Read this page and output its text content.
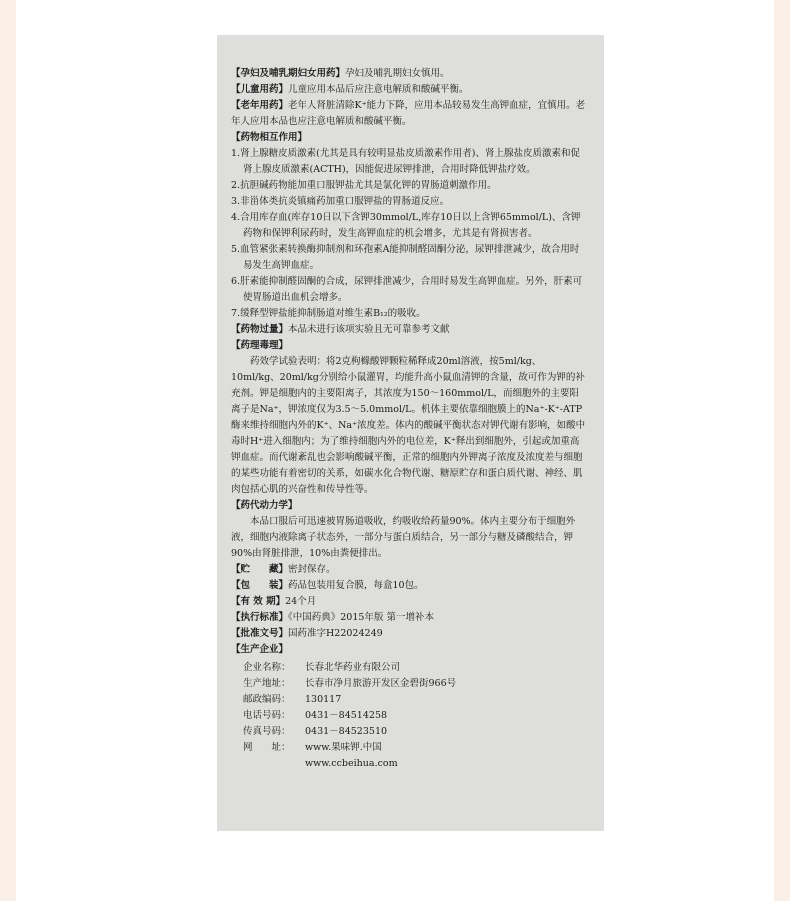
【孕妇及哺乳期妇女用药】孕妇及哺乳期妇女慎用。

【儿童用药】儿童应用本品后应注意电解质和酸碱平衡。

【老年用药】老年人肾脏清除K⁺能力下降，应用本品较易发生高钾血症，宜慎用。老年人应用本品也应注意电解质和酸碱平衡。

【药物相互作用】

1.肾上腺糖皮质激素(尤其是具有较明显盐皮质激素作用者)、肾上腺盐皮质激素和促肾上腺皮质激素(ACTH)，因能促进尿钾排泄，合用时降低钾盐疗效。

2.抗胆碱药物能加重口服钾盐尤其是氯化钾的胃肠道刺激作用。

3.非甾体类抗炎镇痛药加重口服钾盐的胃肠道反应。

4.合用库存血(库存10日以下含钾30mmol/L,库存10日以上含钾65mmol/L)、含钾药物和保钾利尿药时，发生高钾血症的机会增多，尤其是有肾损害者。

5.血管紧张素转换酶抑制剂和环孢素A能抑制醛固酮分泌，尿钾排泄减少，故合用时易发生高钾血症。

6.肝素能抑制醛固酮的合成，尿钾排泄减少，合用时易发生高钾血症。另外，肝素可使胃肠道出血机会增多。

7.缓释型钾盐能抑制肠道对维生素B₁₂的吸收。

【药物过量】本品未进行该项实验且无可靠参考文献

【药理毒理】

药效学试验表明：将2克枸橼酸钾颗粒稀释成20ml溶液，按5ml/kg、10ml/kg、20ml/kg分别给小鼠灌胃，均能升高小鼠血清钾的含量，故可作为钾的补充剂。钾是细胞内的主要阳离子，其浓度为150～160mmol/L，而细胞外的主要阳离子是Na⁺，钾浓度仅为3.5～5.0mmol/L。机体主要依靠细胞膜上的Na⁺-K⁺-ATP酶来维持细胞内外的K⁺、Na⁺浓度差。体内的酸碱平衡状态对钾代谢有影响，如酸中毒时H⁺进入细胞内；为了维持细胞内外的电位差，K⁺释出到细胞外，引起或加重高钾血症。而代谢紊乱也会影响酸碱平衡，正常的细胞内外钾离子浓度及浓度差与细胞的某些功能有着密切的关系，如碳水化合物代谢、糖原贮存和蛋白质代谢、神经、肌肉包括心肌的兴奋性和传导性等。

【药代动力学】

本品口服后可迅速被胃肠道吸收，约吸收给药量90%。体内主要分布于细胞外液，细胞内液除离子状态外，一部分与蛋白质结合，另一部分与糖及磷酸结合，钾90%由肾脏排泄，10%由粪便排出。

【贮　　藏】密封保存。

【包　　装】药品包装用复合膜，每盒10包。

【有 效 期】24个月

【执行标准】《中国药典》2015年版 第一增补本

【批准文号】国药准字H22024249

【生产企业】

企业名称：	长春北华药业有限公司
生产地址：	长春市净月旅游开发区金碧街966号
邮政编码：	130117
电话号码：	0431－84514258
传真号码：	0431－84523510
网　　址：	www.果味钾.中国
www.ccbeihua.com
